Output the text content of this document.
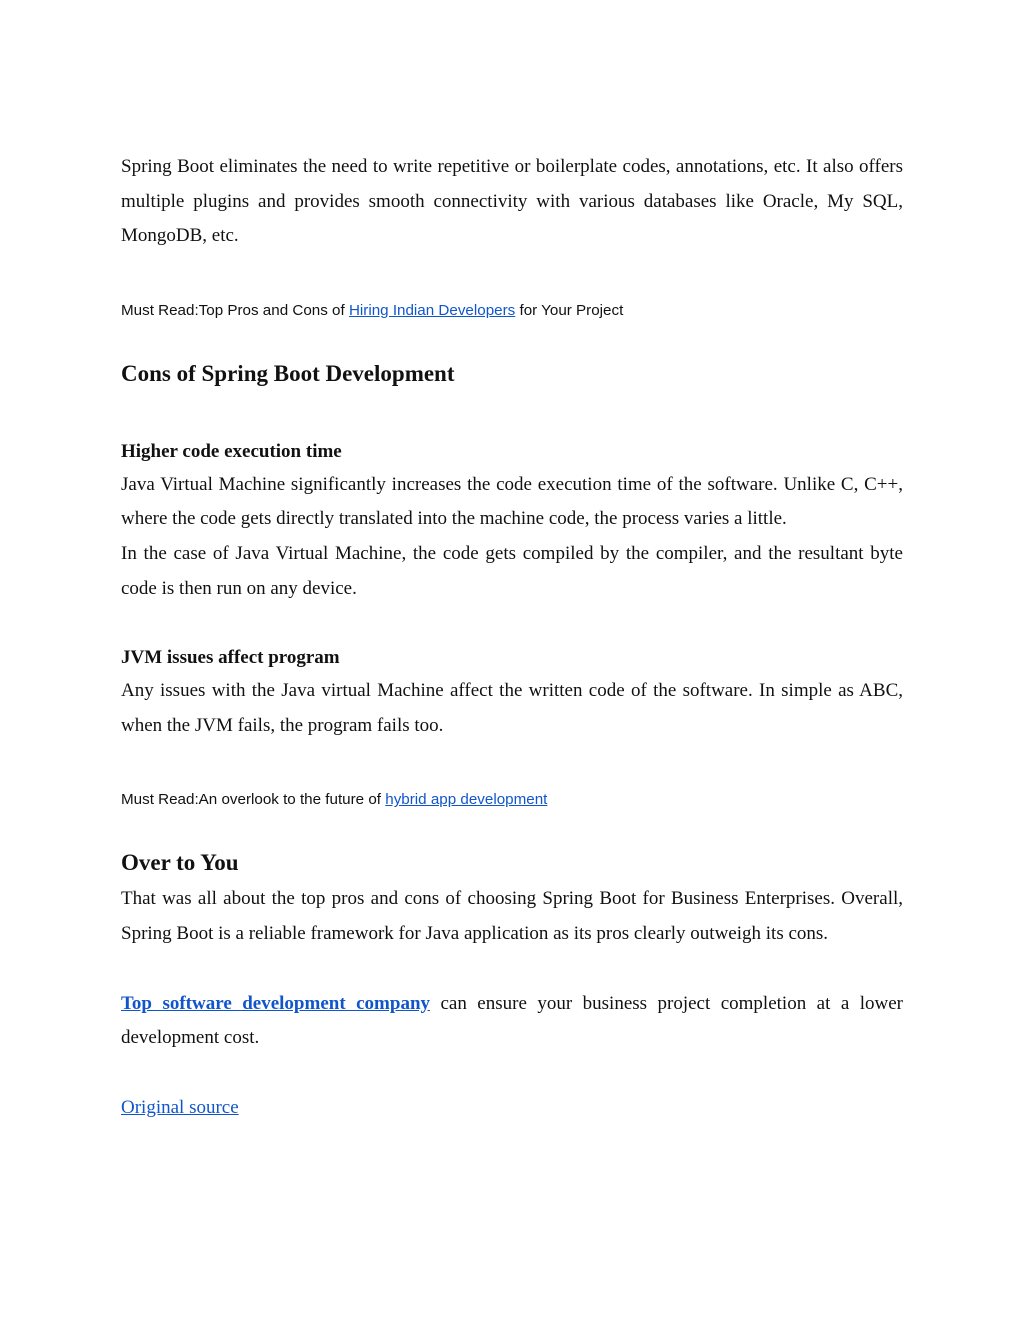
Spring Boot eliminates the need to write repetitive or boilerplate codes, annotations, etc. It also offers multiple plugins and provides smooth connectivity with various databases like Oracle, My SQL, MongoDB, etc.

Must Read:Top Pros and Cons of Hiring Indian Developers for Your Project

Cons of Spring Boot Development
Higher code execution time

Java Virtual Machine significantly increases the code execution time of the software. Unlike C, C++, where the code gets directly translated into the machine code, the process varies a little.

In the case of Java Virtual Machine, the code gets compiled by the compiler, and the resultant byte code is then run on any device.

JVM issues affect program

Any issues with the Java virtual Machine affect the written code of the software. In simple as ABC, when the JVM fails, the program fails too.

Must Read:An overlook to the future of hybrid app development

Over to You

That was all about the top pros and cons of choosing Spring Boot for Business Enterprises. Overall, Spring Boot is a reliable framework for Java application as its pros clearly outweigh its cons.

Top software development company can ensure your business project completion at a lower development cost.

Original source
